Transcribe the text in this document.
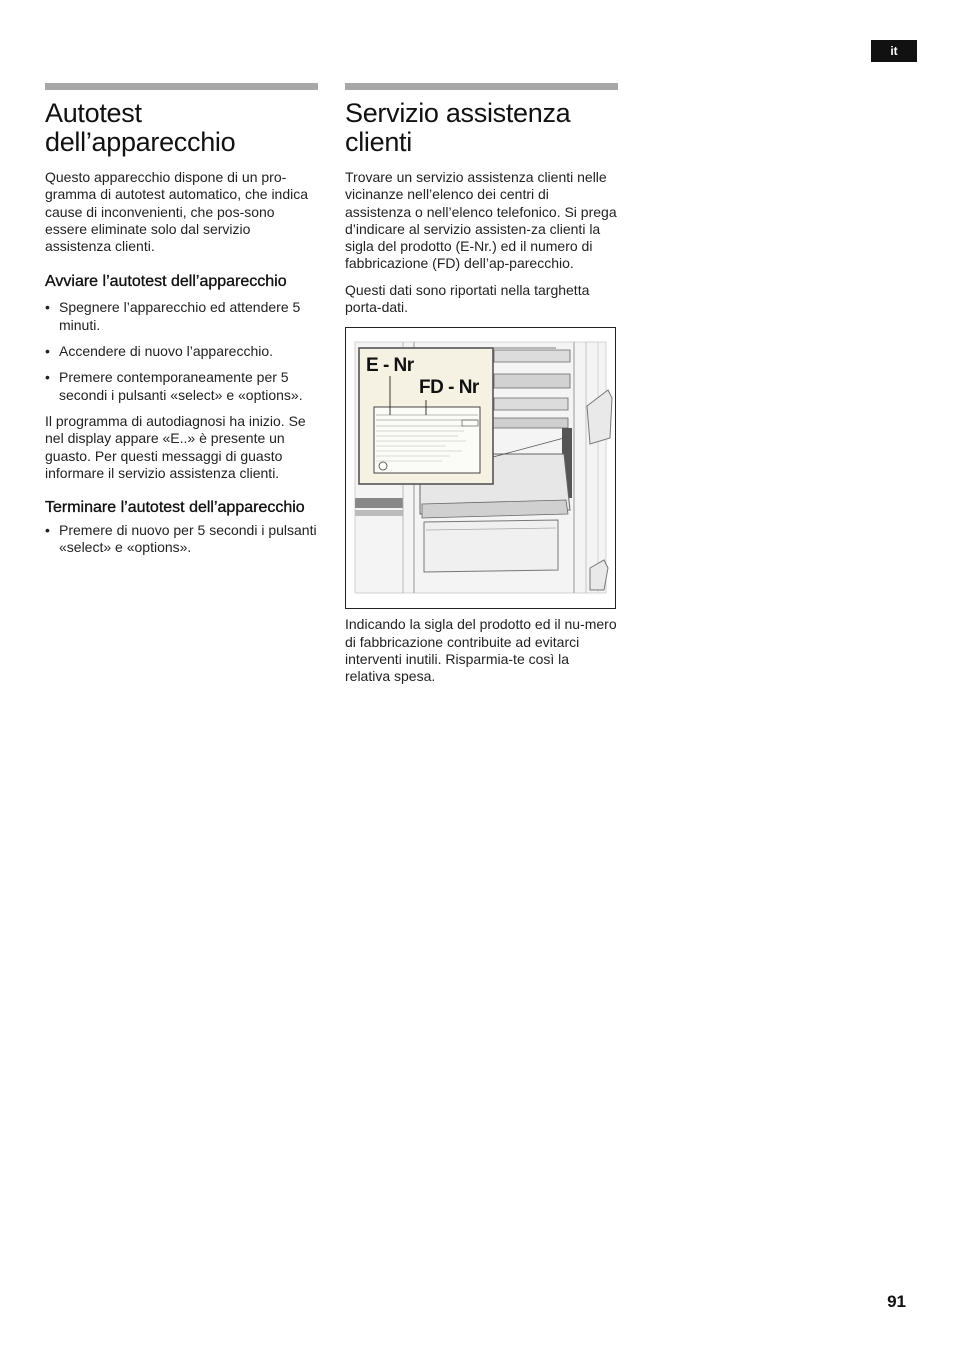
it
Autotest dell’apparecchio

Questo apparecchio dispone di un pro-gramma di autotest automatico, che indica cause di inconvenienti, che pos-sono essere eliminate solo dal servizio assistenza clienti.

Avviare l’autotest dell’apparecchio
• Spegnere l’apparecchio ed attendere 5 minuti.
• Accendere di nuovo l’apparecchio.
• Premere contemporaneamente per 5 secondi i pulsanti «select» e «options».

Il programma di autodiagnosi ha inizio. Se nel display appare «E..» è presente un guasto. Per questi messaggi di guasto informare il servizio assistenza clienti.

Terminare l’autotest dell’apparecchio
• Premere di nuovo per 5 secondi i pulsanti «select» e «options».
Servizio assistenza clienti

Trovare un servizio assistenza clienti nelle vicinanze nell’elenco dei centri di assistenza o nell’elenco telefonico. Si prega d’indicare al servizio assisten-za clienti la sigla del prodotto (E-Nr.) ed il numero di fabbricazione (FD) dell’ap-parecchio.

Questi dati sono riportati nella targhetta porta-dati.

E - Nr
FD - Nr

Indicando la sigla del prodotto ed il nu-mero di fabbricazione contribuite ad evitarci interventi inutili. Risparmia-te così la relativa spesa.

91
